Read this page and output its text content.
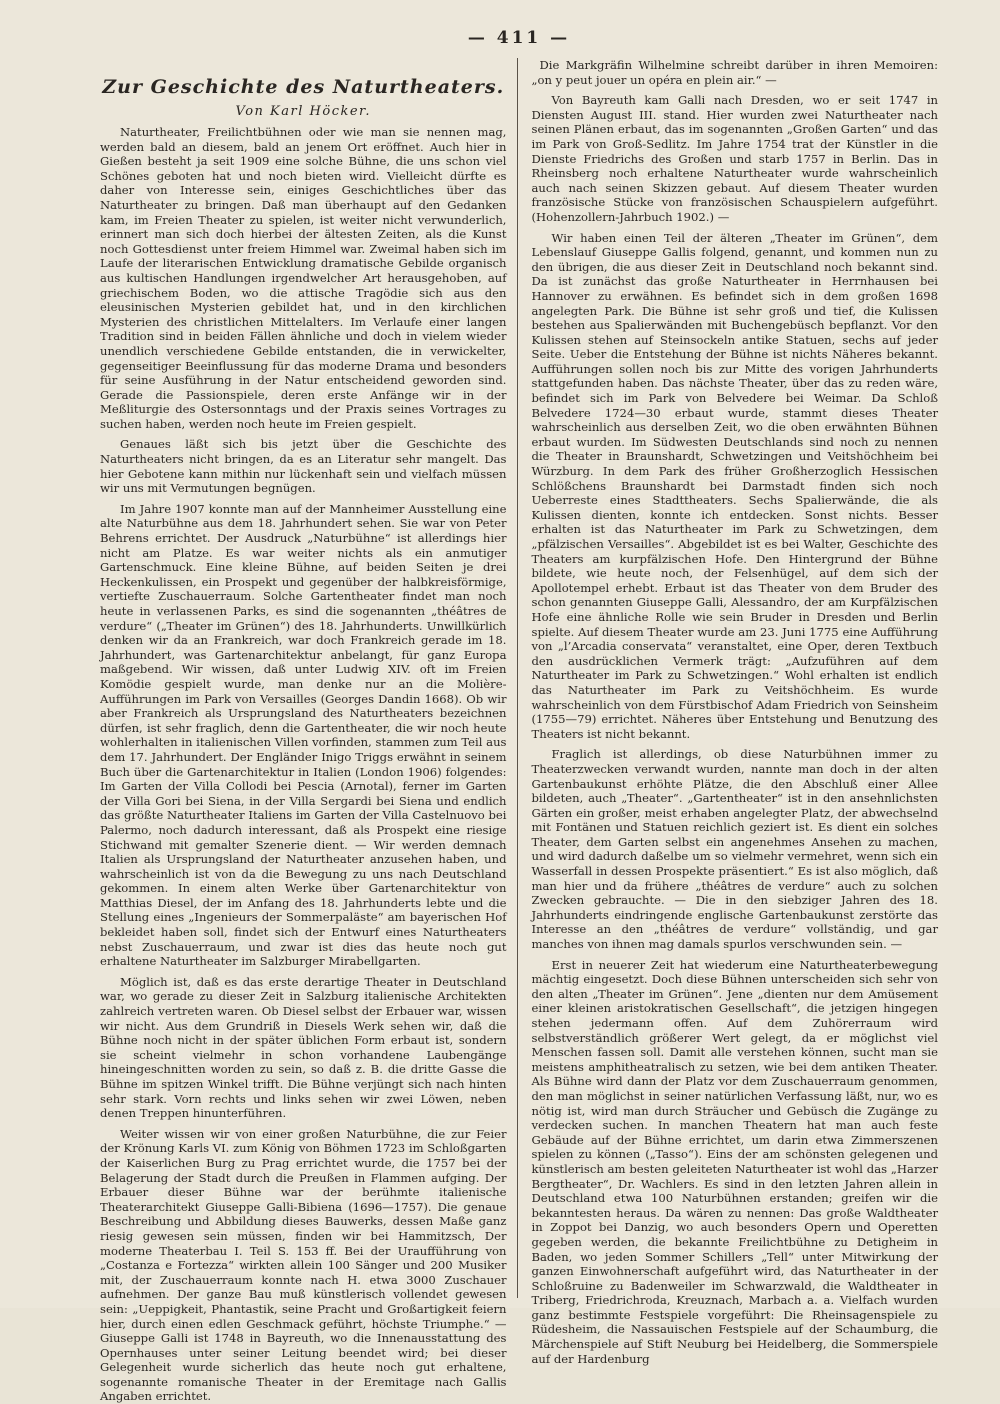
— 411 —
Zur Geschichte des Naturtheaters.
Von Karl Höcker.

Naturtheater, Freilichtbühnen oder wie man sie nennen mag, werden bald an diesem, bald an jenem Ort eröffnet. Auch hier in Gießen besteht ja seit 1909 eine solche Bühne, die uns schon viel Schönes geboten hat und noch bieten wird. Vielleicht dürfte es daher von Interesse sein, einiges Geschichtliches über das Naturtheater zu bringen. Daß man überhaupt auf den Gedanken kam, im Freien Theater zu spielen, ist weiter nicht verwunderlich, erinnert man sich doch hierbei der ältesten Zeiten, als die Kunst noch Gottesdienst unter freiem Himmel war. Zweimal haben sich im Laufe der literarischen Entwicklung dramatische Gebilde organisch aus kultischen Handlungen irgendwelcher Art herausgehoben, auf griechischem Boden, wo die attische Tragödie sich aus den eleusinischen Mysterien gebildet hat, und in den kirchlichen Mysterien des christlichen Mittelalters. Im Verlaufe einer langen Tradition sind in beiden Fällen ähnliche und doch in vielem wieder unendlich verschiedene Gebilde entstanden, die in verwickelter, gegenseitiger Beeinflussung für das moderne Drama und besonders für seine Ausführung in der Natur entscheidend geworden sind. Gerade die Passionspiele, deren erste Anfänge wir in der Meßliturgie des Ostersonntags und der Praxis seines Vortrages zu suchen haben, werden noch heute im Freien gespielt.

Genaues läßt sich bis jetzt über die Geschichte des Naturtheaters nicht bringen, da es an Literatur sehr mangelt. Das hier Gebotene kann mithin nur lückenhaft sein und vielfach müssen wir uns mit Vermutungen begnügen.

Im Jahre 1907 konnte man auf der Mannheimer Ausstellung eine alte Naturbühne aus dem 18. Jahrhundert sehen. Sie war von Peter Behrens errichtet. Der Ausdruck „Naturbühne“ ist allerdings hier nicht am Platze. Es war weiter nichts als ein anmutiger Gartenschmuck. Eine kleine Bühne, auf beiden Seiten je drei Heckenkulissen, ein Prospekt und gegenüber der halbkreisförmige, vertiefte Zuschauerraum. Solche Gartentheater findet man noch heute in verlassenen Parks, es sind die sogenannten „théâtres de verdure“ („Theater im Grünen“) des 18. Jahrhunderts. Unwillkürlich denken wir da an Frankreich, war doch Frankreich gerade im 18. Jahrhundert, was Gartenarchitektur anbelangt, für ganz Europa maßgebend. Wir wissen, daß unter Ludwig XIV. oft im Freien Komödie gespielt wurde, man denke nur an die Molière-Aufführungen im Park von Versailles (Georges Dandin 1668). Ob wir aber Frankreich als Ursprungsland des Naturtheaters bezeichnen dürfen, ist sehr fraglich, denn die Gartentheater, die wir noch heute wohlerhalten in italienischen Villen vorfinden, stammen zum Teil aus dem 17. Jahrhundert. Der Engländer Inigo Triggs erwähnt in seinem Buch über die Gartenarchitektur in Italien (London 1906) folgendes: Im Garten der Villa Collodi bei Pescia (Arnotal), ferner im Garten der Villa Gori bei Siena, in der Villa Sergardi bei Siena und endlich das größte Naturtheater Italiens im Garten der Villa Castelnuovo bei Palermo, noch dadurch interessant, daß als Prospekt eine riesige Stichwand mit gemalter Szenerie dient. — Wir werden demnach Italien als Ursprungsland der Naturtheater anzusehen haben, und wahrscheinlich ist von da die Bewegung zu uns nach Deutschland gekommen. In einem alten Werke über Gartenarchitektur von Matthias Diesel, der im Anfang des 18. Jahrhunderts lebte und die Stellung eines „Ingenieurs der Sommerpaläste“ am bayerischen Hof bekleidet haben soll, findet sich der Entwurf eines Naturtheaters nebst Zuschauerraum, und zwar ist dies das heute noch gut erhaltene Naturtheater im Salzburger Mirabellgarten.

Möglich ist, daß es das erste derartige Theater in Deutschland war, wo gerade zu dieser Zeit in Salzburg italienische Architekten zahlreich vertreten waren. Ob Diesel selbst der Erbauer war, wissen wir nicht. Aus dem Grundriß in Diesels Werk sehen wir, daß die Bühne noch nicht in der später üblichen Form erbaut ist, sondern sie scheint vielmehr in schon vorhandene Laubengänge hineingeschnitten worden zu sein, so daß z. B. die dritte Gasse die Bühne im spitzen Winkel trifft. Die Bühne verjüngt sich nach hinten sehr stark. Vorn rechts und links sehen wir zwei Löwen, neben denen Treppen hinunterführen.

Weiter wissen wir von einer großen Naturbühne, die zur Feier der Krönung Karls VI. zum König von Böhmen 1723 im Schloßgarten der Kaiserlichen Burg zu Prag errichtet wurde, die 1757 bei der Belagerung der Stadt durch die Preußen in Flammen aufging. Der Erbauer dieser Bühne war der berühmte italienische Theaterarchitekt Giuseppe Galli-Bibiena (1696—1757). Die genaue Beschreibung und Abbildung dieses Bauwerks, dessen Maße ganz riesig gewesen sein müssen, finden wir bei Hammitzsch, Der moderne Theaterbau I. Teil S. 153 ff. Bei der Uraufführung von „Costanza e Fortezza“ wirkten allein 100 Sänger und 200 Musiker mit, der Zuschauerraum konnte nach H. etwa 3000 Zuschauer aufnehmen. Der ganze Bau muß künstlerisch vollendet gewesen sein: „Ueppigkeit, Phantastik, seine Pracht und Großartigkeit feiern hier, durch einen edlen Geschmack geführt, höchste Triumphe.“ — Giuseppe Galli ist 1748 in Bayreuth, wo die Innenausstattung des Opernhauses unter seiner Leitung beendet wird; bei dieser Gelegenheit wurde sicherlich das heute noch gut erhaltene, sogenannte romanische Theater in der Eremitage nach Gallis Angaben errichtet.

Die Markgräfin Wilhelmine schreibt darüber in ihren Memoiren: „on y peut jouer un opéra en plein air.“ —

Von Bayreuth kam Galli nach Dresden, wo er seit 1747 in Diensten August III. stand. Hier wurden zwei Naturtheater nach seinen Plänen erbaut, das im sogenannten „Großen Garten“ und das im Park von Groß-Sedlitz. Im Jahre 1754 trat der Künstler in die Dienste Friedrichs des Großen und starb 1757 in Berlin. Das in Rheinsberg noch erhaltene Naturtheater wurde wahrscheinlich auch nach seinen Skizzen gebaut. Auf diesem Theater wurden französische Stücke von französischen Schauspielern aufgeführt. (Hohenzollern-Jahrbuch 1902.) —

Wir haben einen Teil der älteren „Theater im Grünen“, dem Lebenslauf Giuseppe Gallis folgend, genannt, und kommen nun zu den übrigen, die aus dieser Zeit in Deutschland noch bekannt sind. Da ist zunächst das große Naturtheater in Herrnhausen bei Hannover zu erwähnen. Es befindet sich in dem großen 1698 angelegten Park. Die Bühne ist sehr groß und tief, die Kulissen bestehen aus Spalierwänden mit Buchengebüsch bepflanzt. Vor den Kulissen stehen auf Steinsockeln antike Statuen, sechs auf jeder Seite. Ueber die Entstehung der Bühne ist nichts Näheres bekannt. Aufführungen sollen noch bis zur Mitte des vorigen Jahrhunderts stattgefunden haben. Das nächste Theater, über das zu reden wäre, befindet sich im Park von Belvedere bei Weimar. Da Schloß Belvedere 1724—30 erbaut wurde, stammt dieses Theater wahrscheinlich aus derselben Zeit, wo die oben erwähnten Bühnen erbaut wurden. Im Südwesten Deutschlands sind noch zu nennen die Theater in Braunshardt, Schwetzingen und Veitshöchheim bei Würzburg. In dem Park des früher Großherzoglich Hessischen Schlößchens Braunshardt bei Darmstadt finden sich noch Ueberreste eines Stadttheaters. Sechs Spalierwände, die als Kulissen dienten, konnte ich entdecken. Sonst nichts. Besser erhalten ist das Naturtheater im Park zu Schwetzingen, dem „pfälzischen Versailles“. Abgebildet ist es bei Walter, Geschichte des Theaters am kurpfälzischen Hofe. Den Hintergrund der Bühne bildete, wie heute noch, der Felsenhügel, auf dem sich der Apollotempel erhebt. Erbaut ist das Theater von dem Bruder des schon genannten Giuseppe Galli, Alessandro, der am Kurpfälzischen Hofe eine ähnliche Rolle wie sein Bruder in Dresden und Berlin spielte. Auf diesem Theater wurde am 23. Juni 1775 eine Aufführung von „l’Arcadia conservata“ veranstaltet, eine Oper, deren Textbuch den ausdrücklichen Vermerk trägt: „Aufzuführen auf dem Naturtheater im Park zu Schwetzingen.“ Wohl erhalten ist endlich das Naturtheater im Park zu Veitshöchheim. Es wurde wahrscheinlich von dem Fürstbischof Adam Friedrich von Seinsheim (1755—79) errichtet. Näheres über Entstehung und Benutzung des Theaters ist nicht bekannt.

Fraglich ist allerdings, ob diese Naturbühnen immer zu Theaterzwecken verwandt wurden, nannte man doch in der alten Gartenbaukunst erhöhte Plätze, die den Abschluß einer Allee bildeten, auch „Theater“. „Gartentheater“ ist in den ansehnlichsten Gärten ein großer, meist erhaben angelegter Platz, der abwechselnd mit Fontänen und Statuen reichlich geziert ist. Es dient ein solches Theater, dem Garten selbst ein angenehmes Ansehen zu machen, und wird dadurch daßelbe um so vielmehr vermehret, wenn sich ein Wasserfall in dessen Prospekte präsentiert.“ Es ist also möglich, daß man hier und da frühere „théâtres de verdure“ auch zu solchen Zwecken gebrauchte. — Die in den siebziger Jahren des 18. Jahrhunderts eindringende englische Gartenbaukunst zerstörte das Interesse an den „théâtres de verdure“ vollständig, und gar manches von ihnen mag damals spurlos verschwunden sein. —

Erst in neuerer Zeit hat wiederum eine Naturtheaterbewegung mächtig eingesetzt. Doch diese Bühnen unterscheiden sich sehr von den alten „Theater im Grünen“. Jene „dienten nur dem Amüsement einer kleinen aristokratischen Gesellschaft“, die jetzigen hingegen stehen jedermann offen. Auf dem Zuhörerraum wird selbstverständlich größerer Wert gelegt, da er möglichst viel Menschen fassen soll. Damit alle verstehen können, sucht man sie meistens amphitheatralisch zu setzen, wie bei dem antiken Theater. Als Bühne wird dann der Platz vor dem Zuschauerraum genommen, den man möglichst in seiner natürlichen Verfassung läßt, nur, wo es nötig ist, wird man durch Sträucher und Gebüsch die Zugänge zu verdecken suchen. In manchen Theatern hat man auch feste Gebäude auf der Bühne errichtet, um darin etwa Zimmerszenen spielen zu können („Tasso“). Eins der am schönsten gelegenen und künstlerisch am besten geleiteten Naturtheater ist wohl das „Harzer Bergtheater“, Dr. Wachlers. Es sind in den letzten Jahren allein in Deutschland etwa 100 Naturbühnen erstanden; greifen wir die bekanntesten heraus. Da wären zu nennen: Das große Waldtheater in Zoppot bei Danzig, wo auch besonders Opern und Operetten gegeben werden, die bekannte Freilichtbühne zu Detigheim in Baden, wo jeden Sommer Schillers „Tell“ unter Mitwirkung der ganzen Einwohnerschaft aufgeführt wird, das Naturtheater in der Schloßruine zu Badenweiler im Schwarzwald, die Waldtheater in Triberg, Friedrichroda, Kreuznach, Marbach a. a. Vielfach wurden ganz bestimmte Festspiele vorgeführt: Die Rheinsagenspiele zu Rüdesheim, die Nassauischen Festspiele auf der Schaumburg, die Märchenspiele auf Stift Neuburg bei Heidelberg, die Sommerspiele auf der Hardenburg
